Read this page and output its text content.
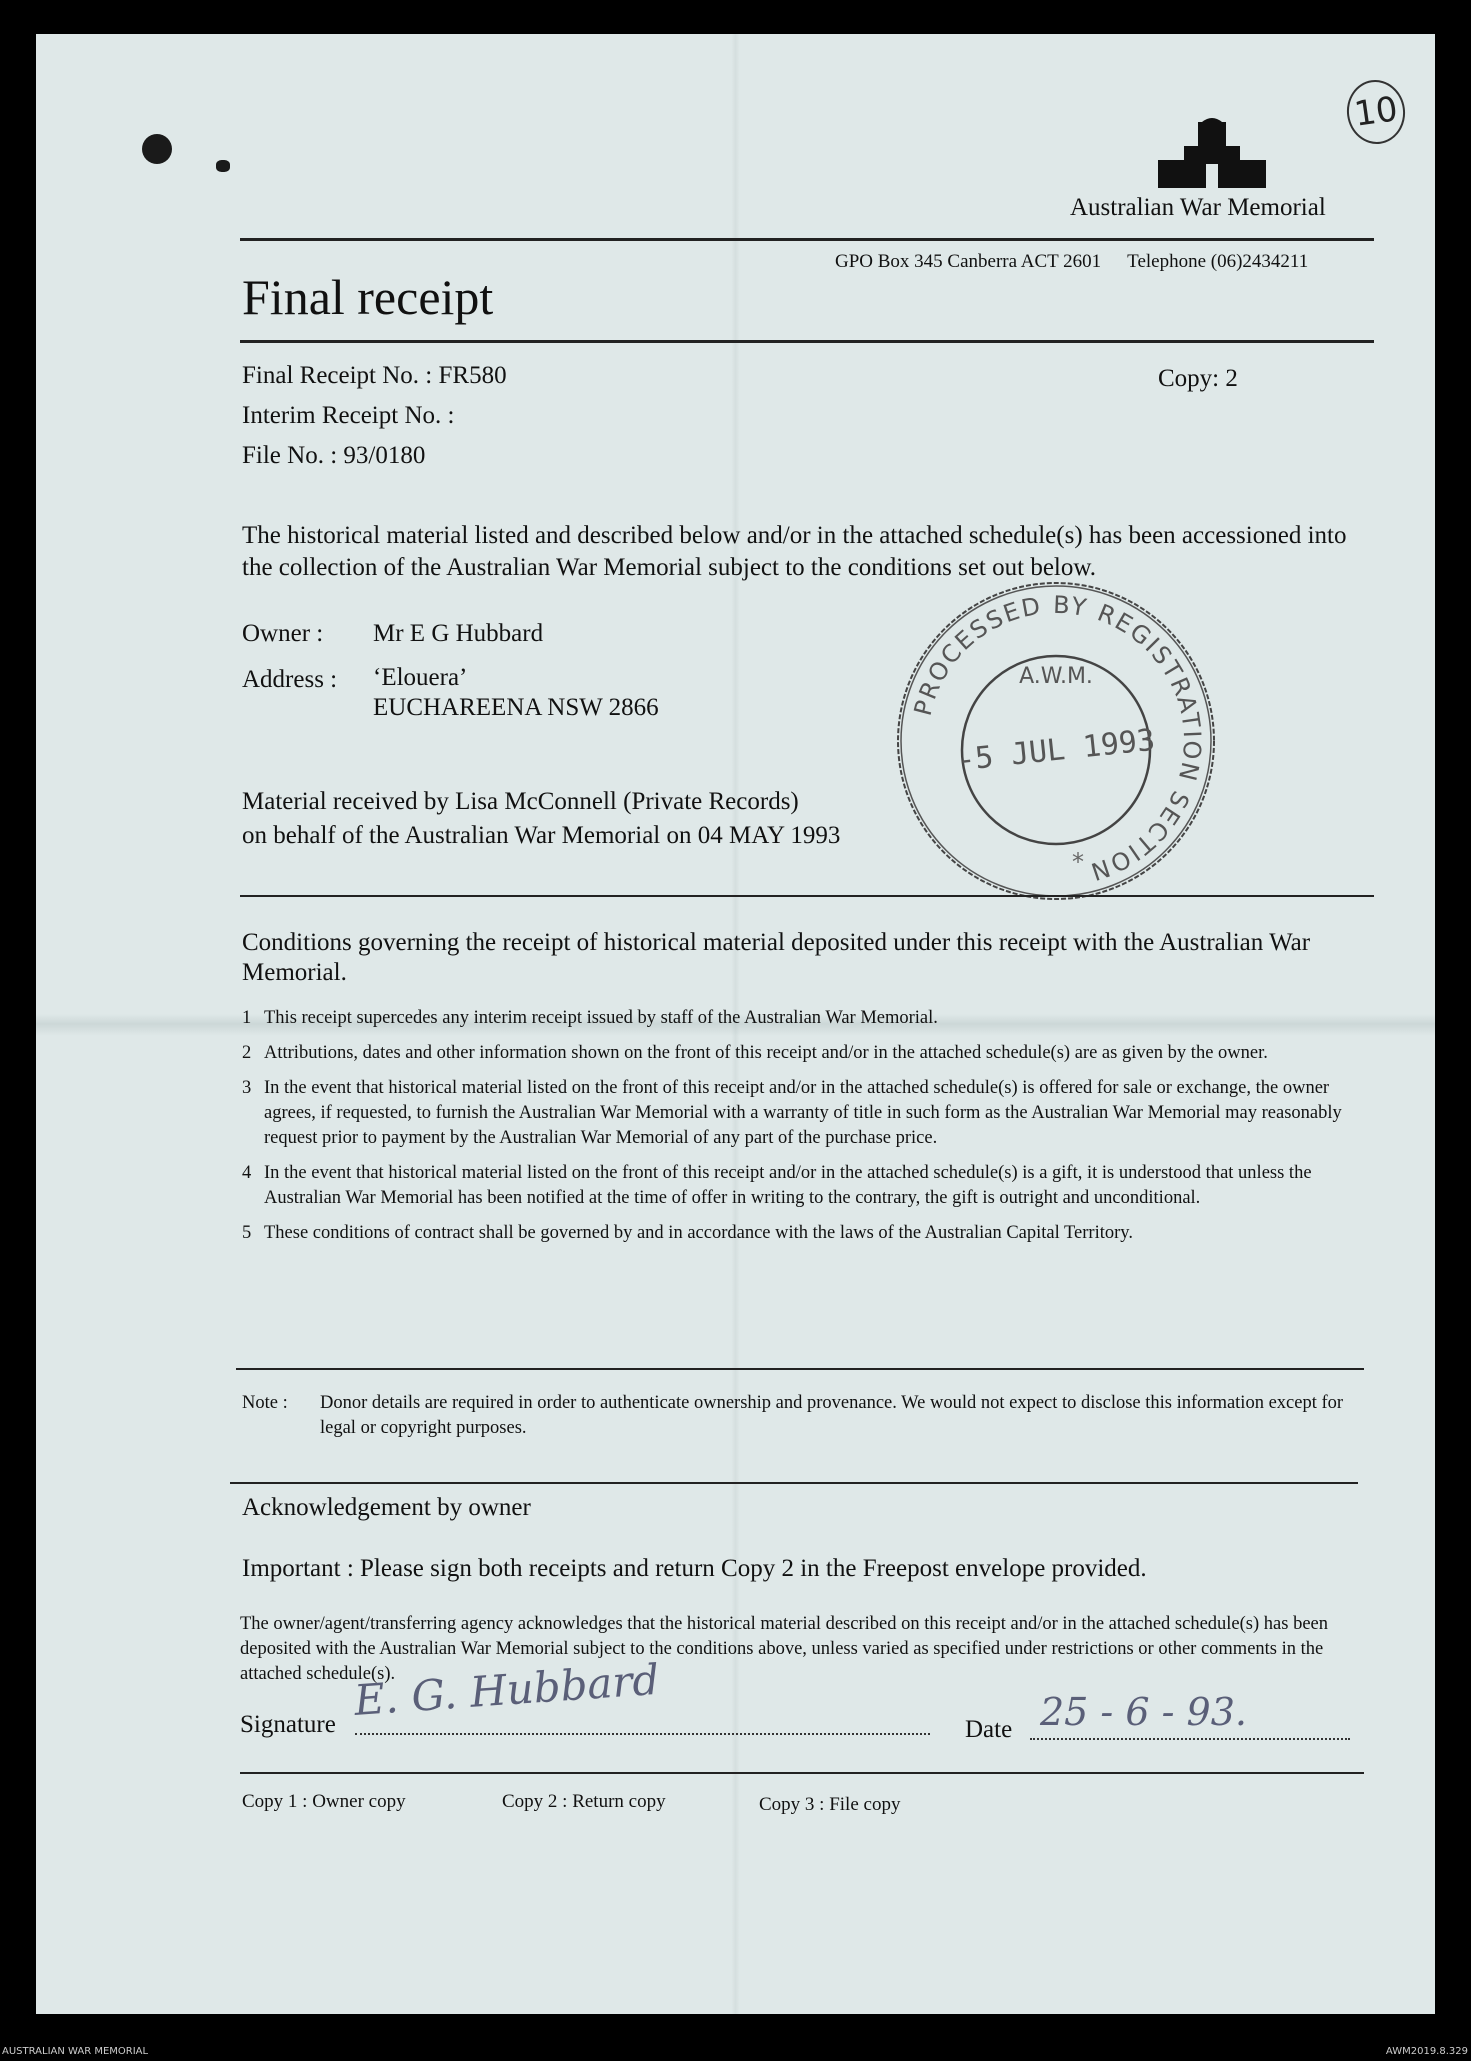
10
Australian War Memorial
GPO Box 345 Canberra ACT 2601 Telephone (06)2434211
Final receipt
Final Receipt No. : FR580	Copy: 2
Interim Receipt No. :
File No. : 93/0180
The historical material listed and described below and/or in the attached schedule(s) has been accessioned into the collection of the Australian War Memorial subject to the conditions set out below.
Owner : Mr E G Hubbard
Address : ‘Elouera’
EUCHAREENA NSW 2866
Material received by Lisa McConnell (Private Records)
on behalf of the Australian War Memorial on 04 MAY 1993
PROCESSED BY REGISTRATION SECTION
A.W.M.
-5 JUL 1993
*
Conditions governing the receipt of historical material deposited under this receipt with the Australian War Memorial.
1 This receipt supercedes any interim receipt issued by staff of the Australian War Memorial.
2 Attributions, dates and other information shown on the front of this receipt and/or in the attached schedule(s) are as given by the owner.
3 In the event that historical material listed on the front of this receipt and/or in the attached schedule(s) is offered for sale or exchange, the owner agrees, if requested, to furnish the Australian War Memorial with a warranty of title in such form as the Australian War Memorial may reasonably request prior to payment by the Australian War Memorial of any part of the purchase price.
4 In the event that historical material listed on the front of this receipt and/or in the attached schedule(s) is a gift, it is understood that unless the Australian War Memorial has been notified at the time of offer in writing to the contrary, the gift is outright and unconditional.
5 These conditions of contract shall be governed by and in accordance with the laws of the Australian Capital Territory.
Note :	Donor details are required in order to authenticate ownership and provenance. We would not expect to disclose this information except for legal or copyright purposes.
Acknowledgement by owner
Important : Please sign both receipts and return Copy 2 in the Freepost envelope provided.
The owner/agent/transferring agency acknowledges that the historical material described on this receipt and/or in the attached schedule(s) has been deposited with the Australian War Memorial subject to the conditions above, unless varied as specified under restrictions or other comments in the attached schedule(s).
Signature E. G. Hubbard
Date 25 - 6 - 93.
Copy 1 : Owner copy	Copy 2 : Return copy	Copy 3 : File copy
AUSTRALIAN WAR MEMORIAL	AWM2019.8.329
